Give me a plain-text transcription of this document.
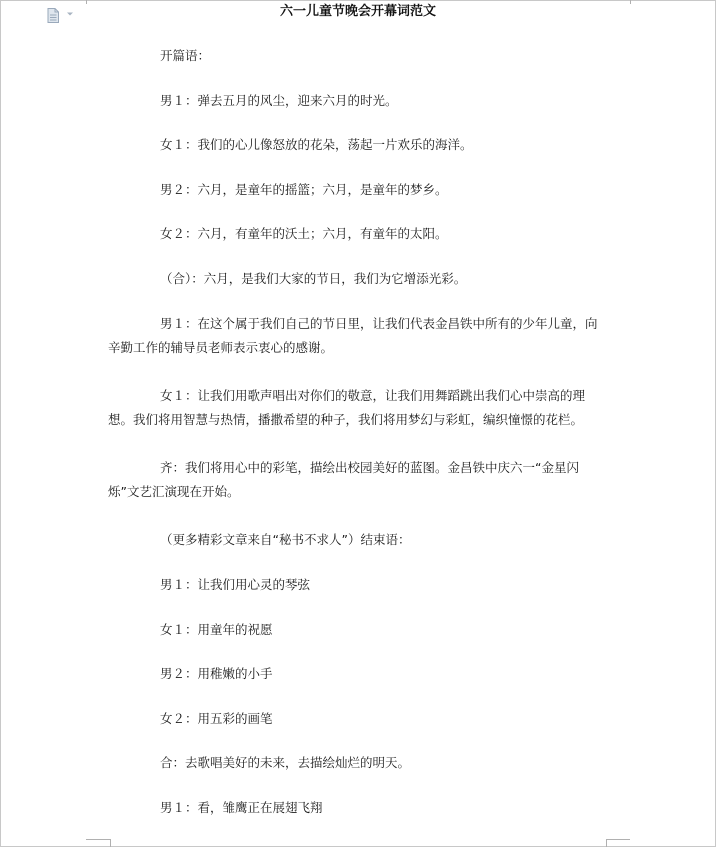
六一儿童节晚会开幕词范文
开篇语：
男１：弹去五月的风尘，迎来六月的时光。
女１：我们的心儿像怒放的花朵，荡起一片欢乐的海洋。
男２：六月，是童年的摇篮；六月，是童年的梦乡。
女２：六月，有童年的沃土；六月，有童年的太阳。
（合）：六月，是我们大家的节日，我们为它增添光彩。
男１：在这个属于我们自己的节日里，让我们代表金昌铁中所有的少年儿童，向
辛勤工作的辅导员老师表示衷心的感谢。
女１：让我们用歌声唱出对你们的敬意，让我们用舞蹈跳出我们心中崇高的理
想。我们将用智慧与热情，播撒希望的种子，我们将用梦幻与彩虹，编织憧憬的花栏。
齐：我们将用心中的彩笔，描绘出校园美好的蓝图。金昌铁中庆六一“金星闪
烁”文艺汇演现在开始。
（更多精彩文章来自“秘书不求人”）结束语：
男１：让我们用心灵的琴弦
女１：用童年的祝愿
男２：用稚嫩的小手
女２：用五彩的画笔
合：去歌唱美好的未来，去描绘灿烂的明天。
男１：看，雏鹰正在展翅飞翔
